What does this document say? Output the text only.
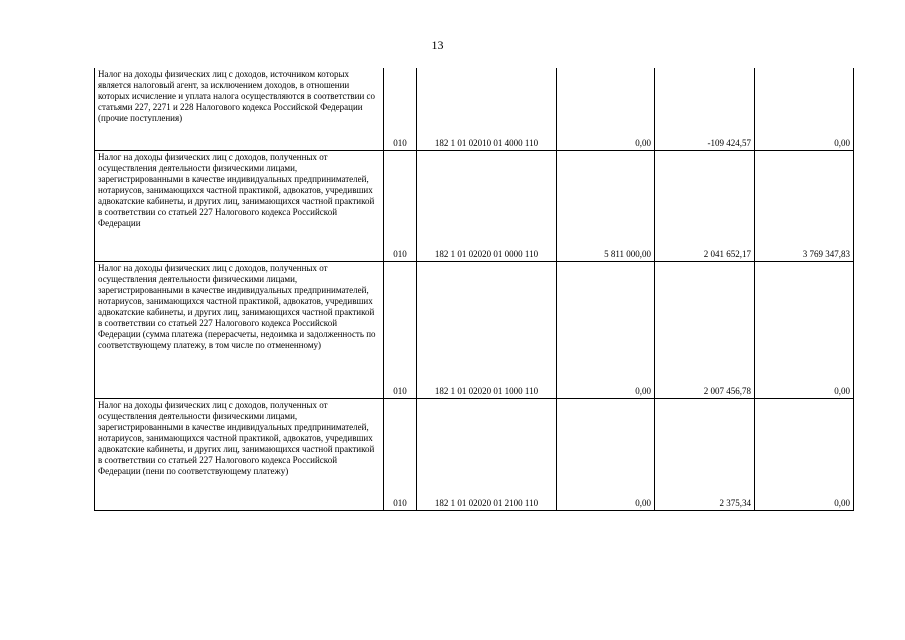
13
Налог на доходы физических лиц с доходов, источником которых является налоговый агент, за исключением доходов, в отношении которых исчисление и уплата налога осуществляются в соответствии со статьями 227, 2271 и 228 Налогового кодекса Российской Федерации (прочие поступления)	010	182 1 01 02010 01 4000 110	0,00	-109 424,57	0,00
Налог на доходы физических лиц с доходов, полученных от осуществления деятельности физическими лицами, зарегистрированными в качестве индивидуальных предпринимателей, нотариусов, занимающихся частной практикой, адвокатов, учредивших адвокатские кабинеты, и других лиц, занимающихся частной практикой в соответствии со статьей 227 Налогового кодекса Российской Федерации	010	182 1 01 02020 01 0000 110	5 811 000,00	2 041 652,17	3 769 347,83
Налог на доходы физических лиц с доходов, полученных от осуществления деятельности физическими лицами, зарегистрированными в качестве индивидуальных предпринимателей, нотариусов, занимающихся частной практикой, адвокатов, учредивших адвокатские кабинеты, и других лиц, занимающихся частной практикой в соответствии со статьей 227 Налогового кодекса Российской Федерации (сумма платежа (перерасчеты, недоимка и задолженность по соответствующему платежу, в том числе по отмененному)	010	182 1 01 02020 01 1000 110	0,00	2 007 456,78	0,00
Налог на доходы физических лиц с доходов, полученных от осуществления деятельности физическими лицами, зарегистрированными в качестве индивидуальных предпринимателей, нотариусов, занимающихся частной практикой, адвокатов, учредивших адвокатские кабинеты, и других лиц, занимающихся частной практикой в соответствии со статьей 227 Налогового кодекса Российской Федерации (пени по соответствующему платежу)	010	182 1 01 02020 01 2100 110	0,00	2 375,34	0,00
